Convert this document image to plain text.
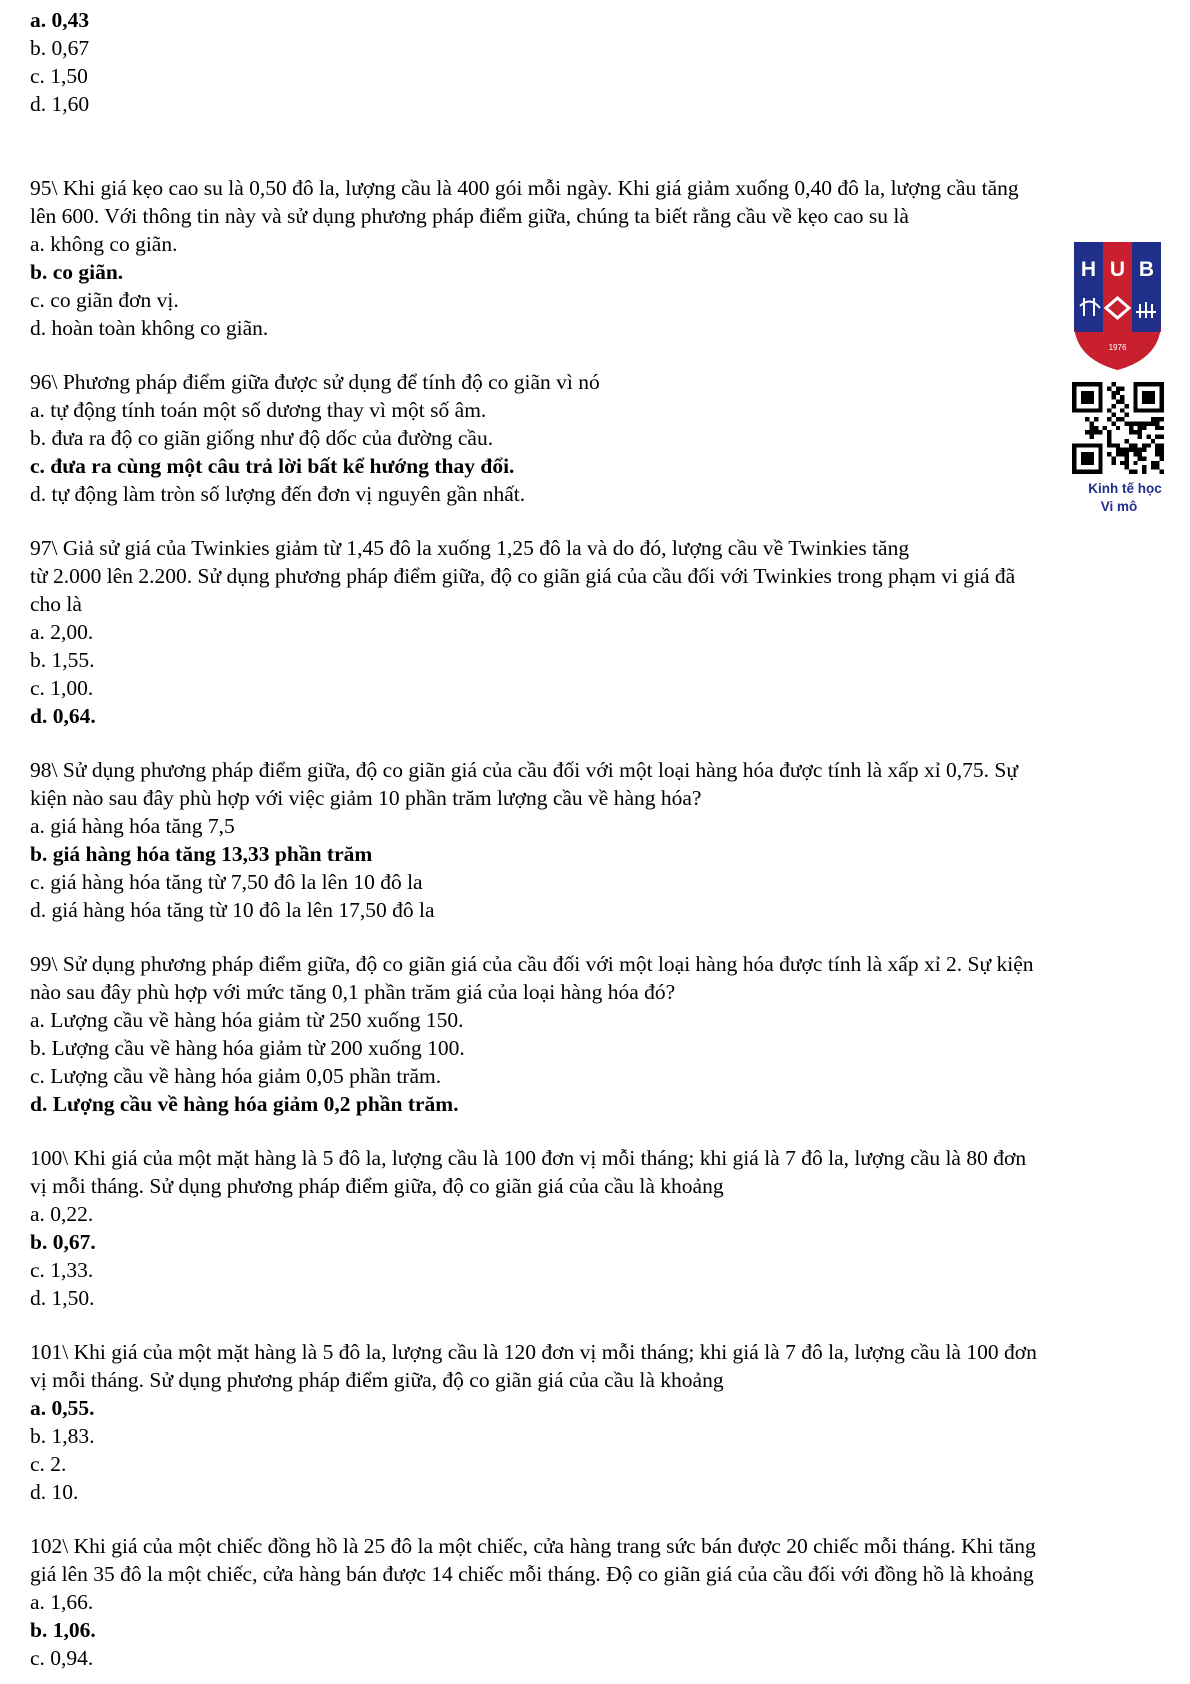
a. 0,43
b. 0,67
c. 1,50
d. 1,60
95\ Khi giá kẹo cao su là 0,50 đô la, lượng cầu là 400 gói mỗi ngày. Khi giá giảm xuống 0,40 đô la, lượng cầu tăng
lên 600. Với thông tin này và sử dụng phương pháp điểm giữa, chúng ta biết rằng cầu về kẹo cao su là
a. không co giãn.
b. co giãn.
c. co giãn đơn vị.
d. hoàn toàn không co giãn.
96\ Phương pháp điểm giữa được sử dụng để tính độ co giãn vì nó
a. tự động tính toán một số dương thay vì một số âm.
b. đưa ra độ co giãn giống như độ dốc của đường cầu.
c. đưa ra cùng một câu trả lời bất kể hướng thay đổi.
d. tự động làm tròn số lượng đến đơn vị nguyên gần nhất.
97\ Giả sử giá của Twinkies giảm từ 1,45 đô la xuống 1,25 đô la và do đó, lượng cầu về Twinkies tăng
từ 2.000 lên 2.200. Sử dụng phương pháp điểm giữa, độ co giãn giá của cầu đối với Twinkies trong phạm vi giá đã
cho là
a. 2,00.
b. 1,55.
c. 1,00.
d. 0,64.
98\ Sử dụng phương pháp điểm giữa, độ co giãn giá của cầu đối với một loại hàng hóa được tính là xấp xỉ 0,75. Sự
kiện nào sau đây phù hợp với việc giảm 10 phần trăm lượng cầu về hàng hóa?
a. giá hàng hóa tăng 7,5
b. giá hàng hóa tăng 13,33 phần trăm
c. giá hàng hóa tăng từ 7,50 đô la lên 10 đô la
d. giá hàng hóa tăng từ 10 đô la lên 17,50 đô la
99\ Sử dụng phương pháp điểm giữa, độ co giãn giá của cầu đối với một loại hàng hóa được tính là xấp xỉ 2. Sự kiện
nào sau đây phù hợp với mức tăng 0,1 phần trăm giá của loại hàng hóa đó?
a. Lượng cầu về hàng hóa giảm từ 250 xuống 150.
b. Lượng cầu về hàng hóa giảm từ 200 xuống 100.
c. Lượng cầu về hàng hóa giảm 0,05 phần trăm.
d. Lượng cầu về hàng hóa giảm 0,2 phần trăm.
100\ Khi giá của một mặt hàng là 5 đô la, lượng cầu là 100 đơn vị mỗi tháng; khi giá là 7 đô la, lượng cầu là 80 đơn
vị mỗi tháng. Sử dụng phương pháp điểm giữa, độ co giãn giá của cầu là khoảng
a. 0,22.
b. 0,67.
c. 1,33.
d. 1,50.
101\ Khi giá của một mặt hàng là 5 đô la, lượng cầu là 120 đơn vị mỗi tháng; khi giá là 7 đô la, lượng cầu là 100 đơn
vị mỗi tháng. Sử dụng phương pháp điểm giữa, độ co giãn giá của cầu là khoảng
a. 0,55.
b. 1,83.
c. 2.
d. 10.
102\ Khi giá của một chiếc đồng hồ là 25 đô la một chiếc, cửa hàng trang sức bán được 20 chiếc mỗi tháng. Khi tăng
giá lên 35 đô la một chiếc, cửa hàng bán được 14 chiếc mỗi tháng. Độ co giãn giá của cầu đối với đồng hồ là khoảng
a. 1,66.
b. 1,06.
c. 0,94.
H U B
1976
Kinh tế học
Vi mô
